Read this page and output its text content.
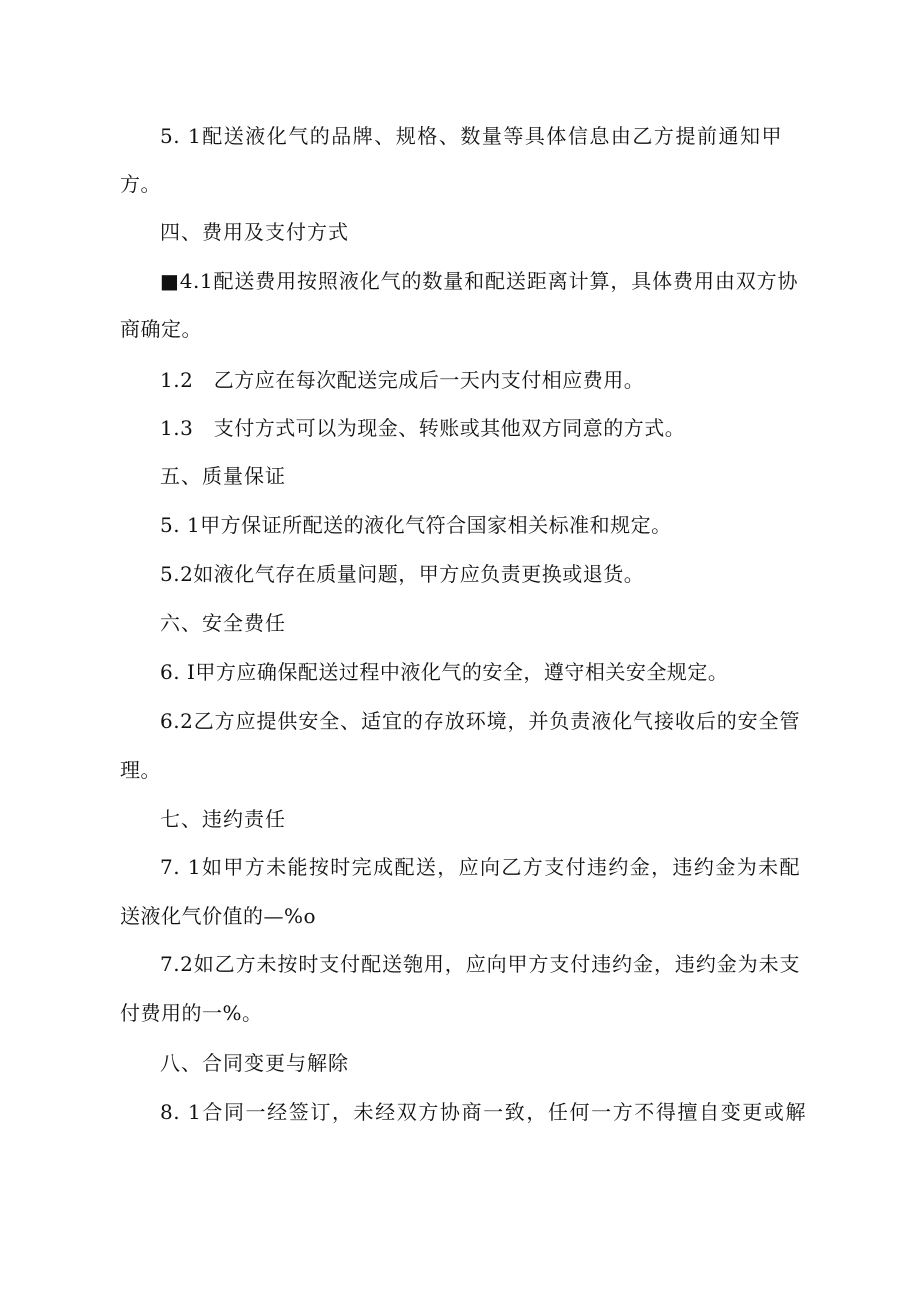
5. 1配送液化气的品牌、规格、数量等具体信息由乙方提前通知甲
方。
四、费用及支付方式
■4.1配送费用按照液化气的数量和配送距离计算，具体费用由双方协
商确定。
1.2　乙方应在每次配送完成后一天内支付相应费用。
1.3　支付方式可以为现金、转账或其他双方同意的方式。
五、质量保证
5. 1甲方保证所配送的液化气符合国家相关标准和规定。
5.2如液化气存在质量问题，甲方应负责更换或退货。
六、安全费任
6. I甲方应确保配送过程中液化气的安全，遵守相关安全规定。
6.2乙方应提供安全、适宜的存放环境，并负责液化气接收后的安全管
理。
七、违约责任
7. 1如甲方未能按时完成配送，应向乙方支付违约金，违约金为未配
送液化气价值的—%o
7.2如乙方未按时支付配送匏用，应向甲方支付违约金，违约金为未支
付费用的一%。
八、合同变更与解除
8. 1合同一经签订，未经双方协商一致，任何一方不得擅自变更或解
